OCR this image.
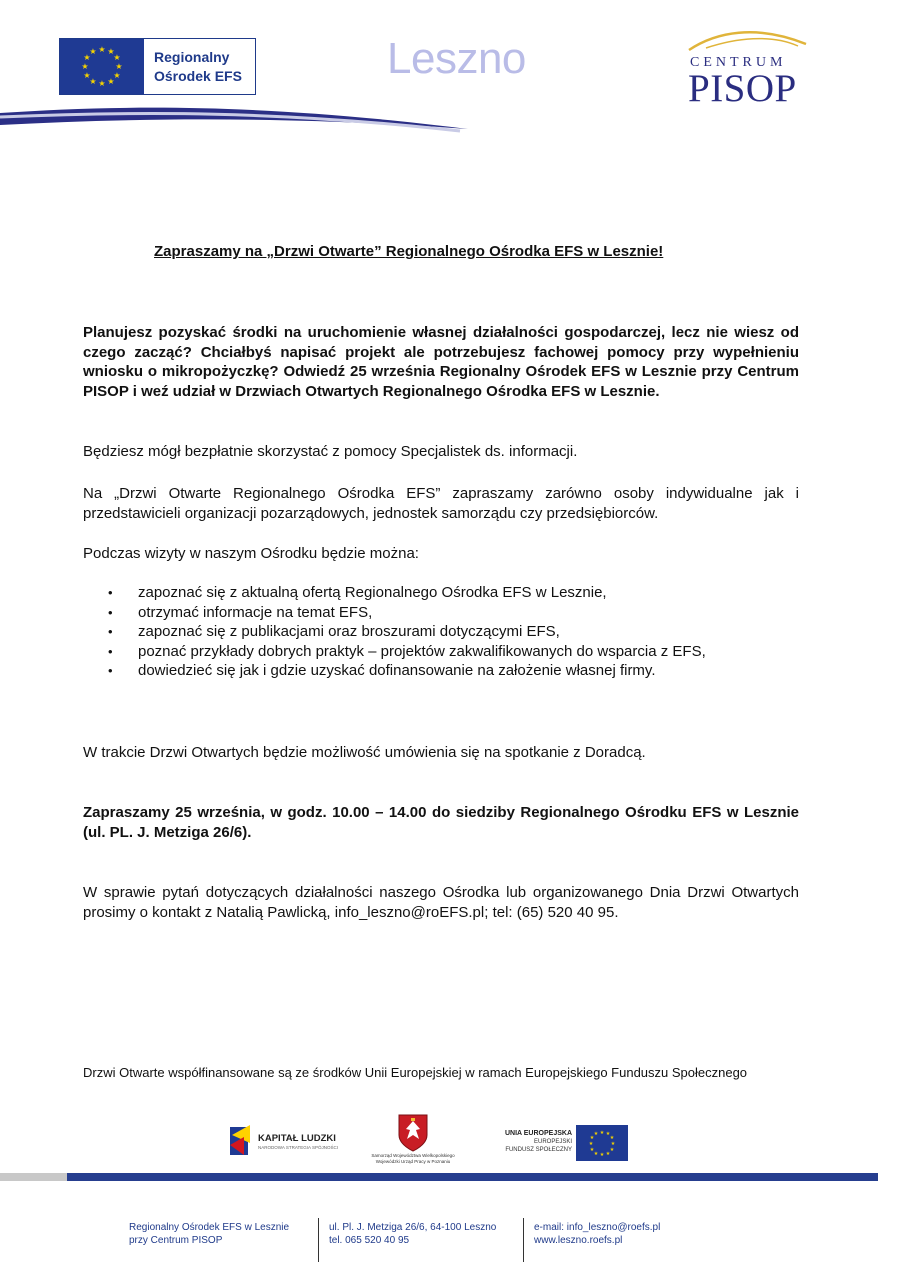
★ ★
★
★
★
★
★
★
★
★
★
★	Regionalny
Ośrodek EFS	Leszno	CENTRUM
PISOP
Zapraszamy na „Drzwi Otwarte” Regionalnego Ośrodka EFS w Lesznie!
Planujesz pozyskać środki na uruchomienie własnej działalności gospodarczej, lecz nie wiesz od czego zacząć? Chciałbyś napisać projekt ale potrzebujesz fachowej pomocy przy wypełnieniu wniosku o mikropożyczkę? Odwiedź 25 września Regionalny Ośrodek EFS w Lesznie przy Centrum PISOP i weź udział w Drzwiach Otwartych Regionalnego Ośrodka EFS w Lesznie.
Będziesz mógł bezpłatnie skorzystać z pomocy Specjalistek ds. informacji.
Na „Drzwi Otwarte Regionalnego Ośrodka EFS” zapraszamy zarówno osoby indywidualne jak i przedstawicieli organizacji pozarządowych, jednostek samorządu czy przedsiębiorców.
Podczas wizyty w naszym Ośrodku będzie można:
• zapoznać się z aktualną ofertą Regionalnego Ośrodka EFS w Lesznie,
• otrzymać informacje na temat EFS,
• zapoznać się z publikacjami oraz broszurami dotyczącymi EFS,
• poznać przykłady dobrych praktyk – projektów zakwalifikowanych do wsparcia z EFS,
• dowiedzieć się jak i gdzie uzyskać dofinansowanie na założenie własnej firmy.
W trakcie Drzwi Otwartych będzie możliwość umówienia się na spotkanie z Doradcą.
Zapraszamy 25 września, w godz. 10.00 – 14.00 do siedziby Regionalnego Ośrodku EFS w Lesznie (ul. PL. J. Metziga 26/6).
W sprawie pytań dotyczących działalności naszego Ośrodka lub organizowanego Dnia Drzwi Otwartych prosimy o kontakt z Natalią Pawlicką, info_leszno@roEFS.pl; tel: (65) 520 40 95.
Drzwi Otwarte współfinansowane są ze środków Unii Europejskiej w ramach Europejskiego Funduszu Społecznego
KAPITAŁ LUDZKI
NARODOWA STRATEGIA SPÓJNOŚCI
Samorząd Województwa Wielkopolskiego
Wojewódzki Urząd Pracy w Poznaniu
UNIA EUROPEJSKA
EUROPEJSKI
FUNDUSZ SPOŁECZNY
★ ★
★
★
★
★
★
★
★
★
★
★
Regionalny Ośrodek EFS w Lesznie
przy Centrum PISOP
ul. Pl. J. Metziga 26/6, 64-100 Leszno
tel. 065 520 40 95
e-mail: info_leszno@roefs.pl
www.leszno.roefs.pl
